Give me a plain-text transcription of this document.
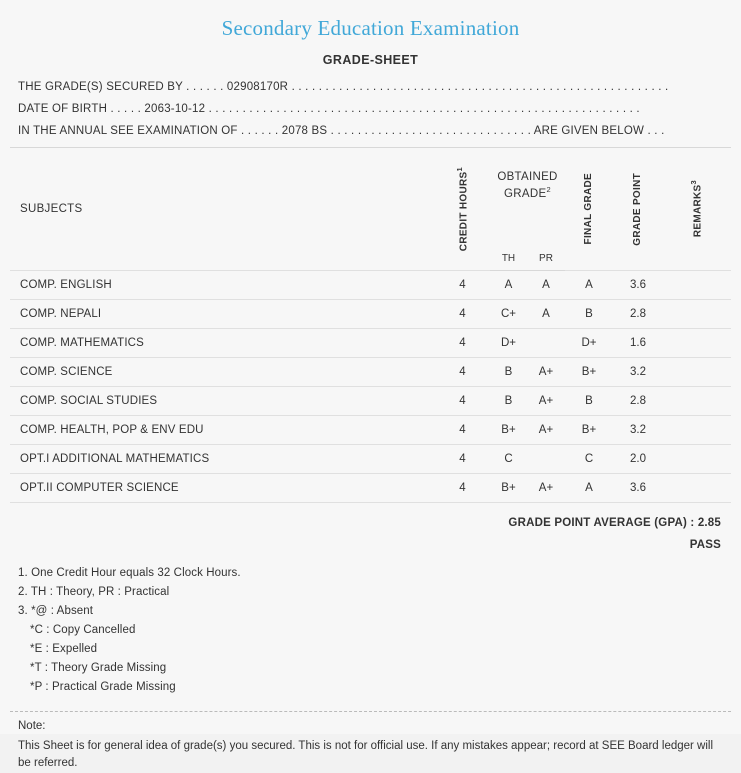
Secondary Education Examination
GRADE-SHEET
THE GRADE(S) SECURED BY . . . . . . 02908170R . . . . . . . . . . . . . . . . . . . . . . . . . . . . . . . . . . . . . . . . . . . . . . . . . . . . . . . .
DATE OF BIRTH . . . . . 2063-10-12 . . . . . . . . . . . . . . . . . . . . . . . . . . . . . . . . . . . . . . . . . . . . . . . . . . . . . . . . . . . . . . . .
IN THE ANNUAL SEE EXAMINATION OF . . . . . . 2078 BS . . . . . . . . . . . . . . . . . . . . . . . . . . . . . . ARE GIVEN BELOW . . .
SUBJECTS	CREDIT HOURS$^1$	OBTAINED GRADE$^2$		FINAL GRADE	GRADE POINT	REMARKS$^3$

		TH	PR			
COMP. ENGLISH	4	A	A	A	3.6	
COMP. NEPALI	4	C+	A	B	2.8	
COMP. MATHEMATICS	4	D+		D+	1.6	
COMP. SCIENCE	4	B	A+	B+	3.2	
COMP. SOCIAL STUDIES	4	B	A+	B	2.8	
COMP. HEALTH, POP & ENV EDU	4	B+	A+	B+	3.2	
OPT.I ADDITIONAL MATHEMATICS	4	C		C	2.0	
OPT.II COMPUTER SCIENCE	4	B+	A+	A	3.6	
GRADE POINT AVERAGE (GPA) : 2.85
PASS
1. One Credit Hour equals 32 Clock Hours.
2. TH : Theory, PR : Practical
3. *@ : Absent
*C : Copy Cancelled
*E : Expelled
*T : Theory Grade Missing
*P : Practical Grade Missing
Note:
This Sheet is for general idea of grade(s) you secured. This is not for official use. If any mistakes appear; record at SEE Board ledger will be referred.
